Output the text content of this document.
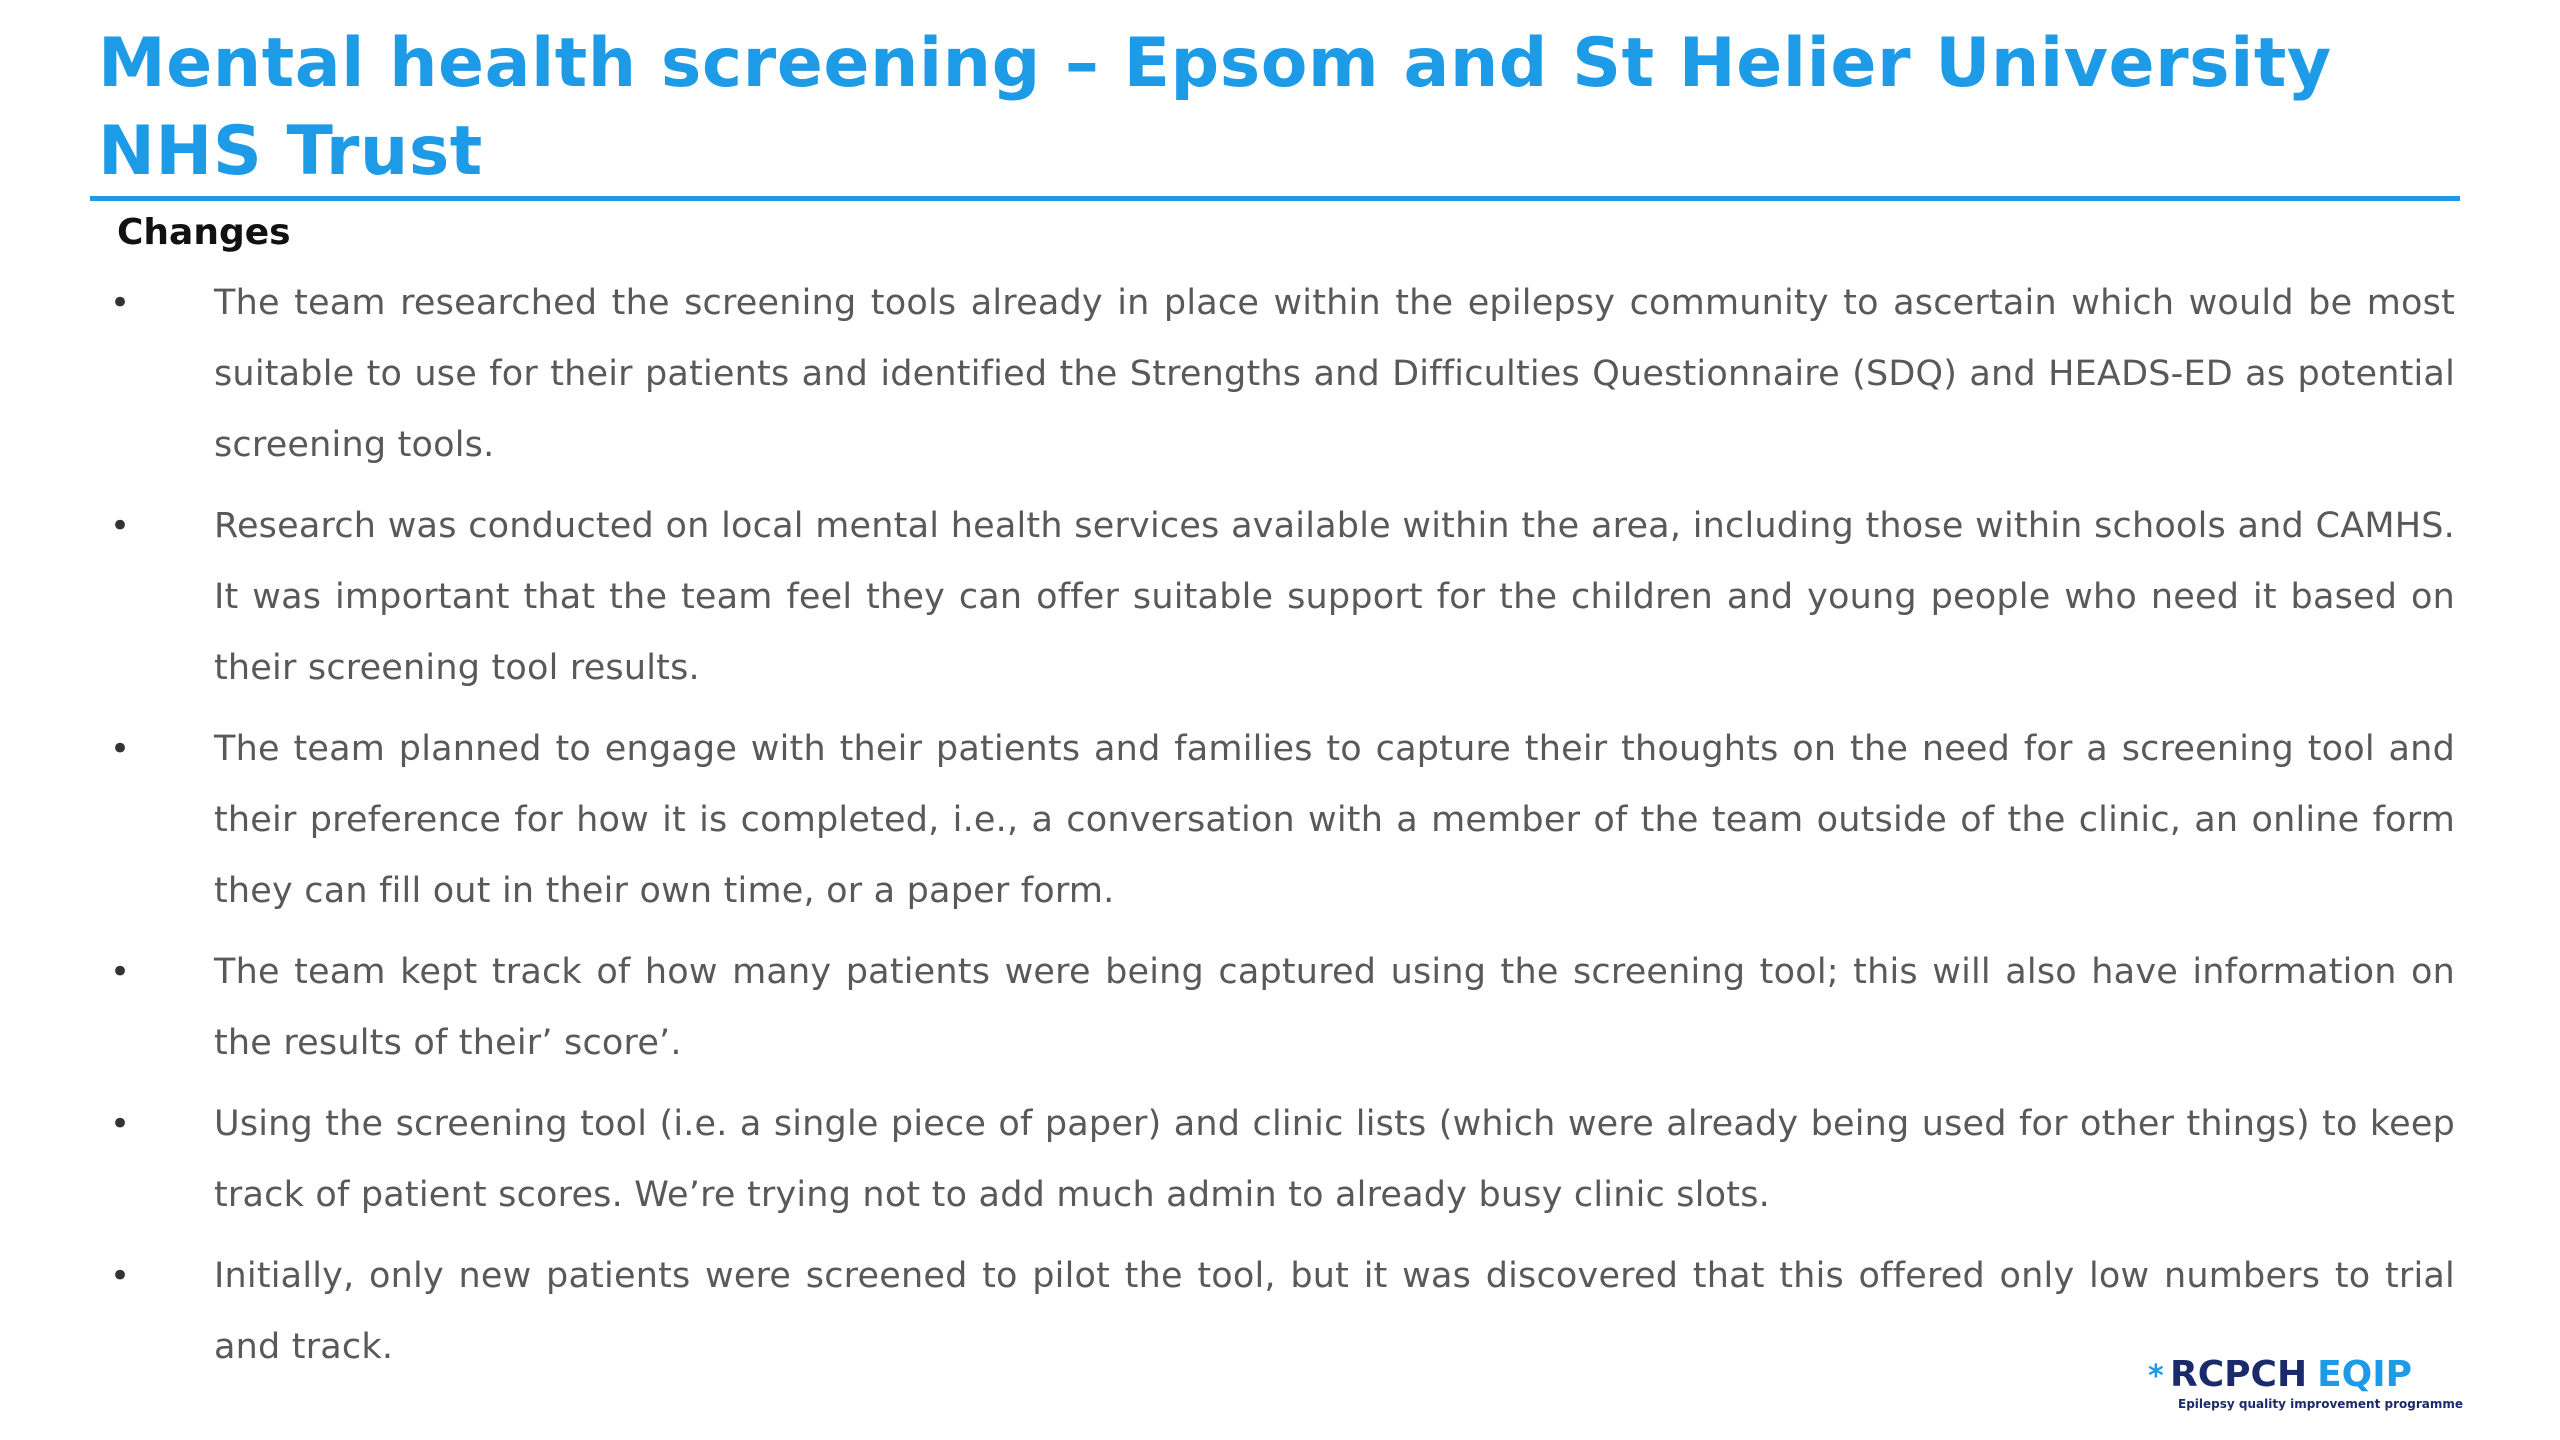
Mental health screening – Epsom and St Helier University NHS Trust
Changes
•	The team researched the screening tools already in place within the epilepsy community to ascertain which would be most suitable to use for their patients and identified the Strengths and Difficulties Questionnaire (SDQ) and HEADS-ED as potential screening tools.
•	Research was conducted on local mental health services available within the area, including those within schools and CAMHS. It was important that the team feel they can offer suitable support for the children and young people who need it based on their screening tool results.
•	The team planned to engage with their patients and families to capture their thoughts on the need for a screening tool and their preference for how it is completed, i.e., a conversation with a member of the team outside of the clinic, an online form they can fill out in their own time, or a paper form.
•	The team kept track of how many patients were being captured using the screening tool; this will also have information on the results of their’ score’.
•	Using the screening tool (i.e. a single piece of paper) and clinic lists (which were already being used for other things) to keep track of patient scores. We’re trying not to add much admin to already busy clinic slots.
•	Initially, only new patients were screened to pilot the tool, but it was discovered that this offered only low numbers to trial and track.
* RCPCH EQIP
Epilepsy quality improvement programme
